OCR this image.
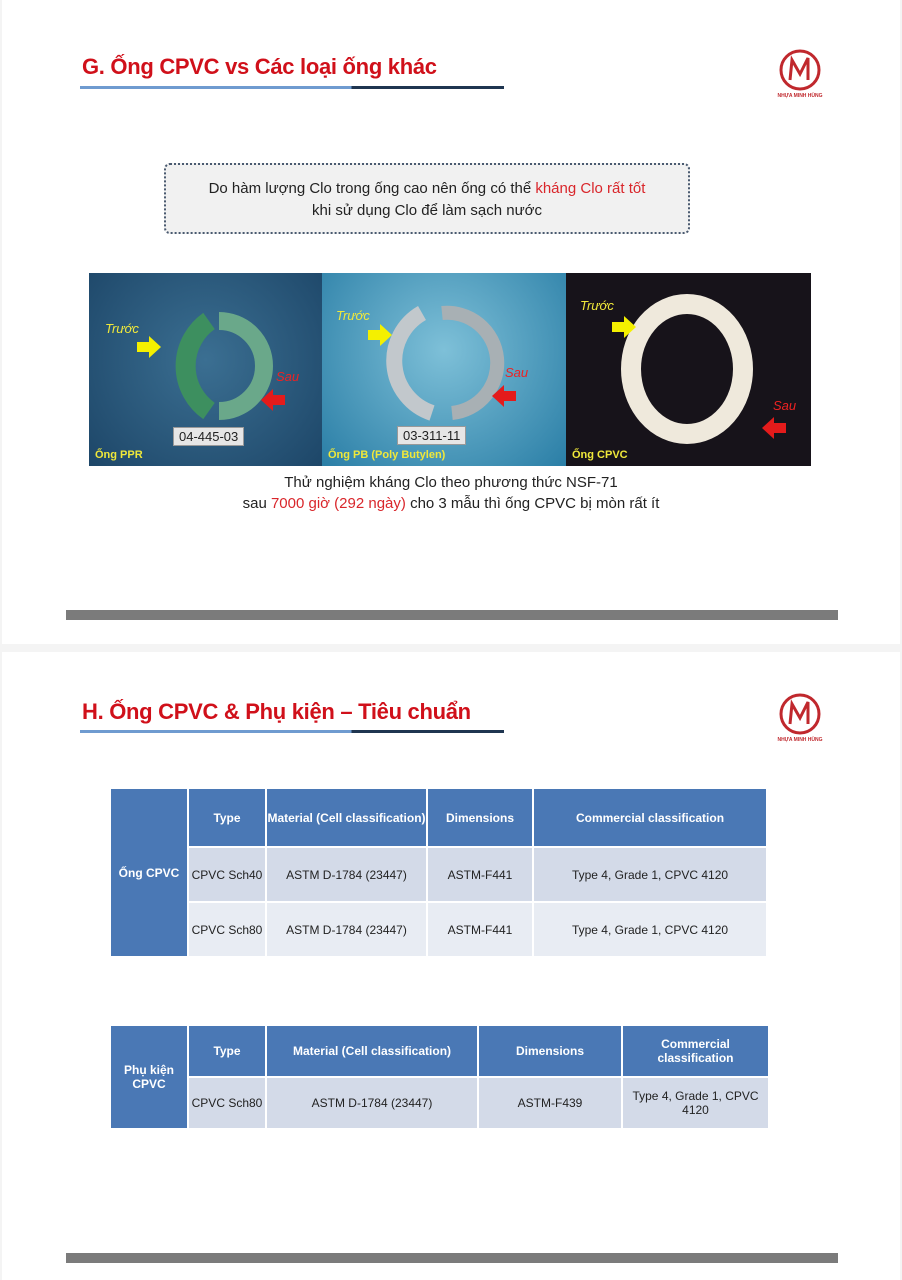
G. Ống CPVC vs Các loại ống khác
NHỰA MINH HÙNG
Do hàm lượng Clo trong ống cao nên ống có thể kháng Clo rất tốt
khi sử dụng Clo để làm sạch nước
Trước
Sau
04-445-03
Ống PPR
Trước
Sau
03-311-11
Ống PB (Poly Butylen)
Trước
Sau
Ống CPVC
Thử nghiệm kháng Clo theo phương thức NSF-71
sau 7000 giờ (292 ngày) cho 3 mẫu thì ống CPVC bị mòn rất ít
H. Ống CPVC & Phụ kiện – Tiêu chuẩn
NHỰA MINH HÙNG
Ống CPVC	Type	Material (Cell classification)	Dimensions	Commercial classification
	CPVC Sch40	ASTM D-1784 (23447)	ASTM-F441	Type 4, Grade 1, CPVC 4120
	CPVC Sch80	ASTM D-1784 (23447)	ASTM-F441	Type 4, Grade 1, CPVC 4120
Phụ kiện CPVC	Type	Material (Cell classification)	Dimensions	Commercial classification
	CPVC Sch80	ASTM D-1784 (23447)	ASTM-F439	Type 4, Grade 1, CPVC 4120
